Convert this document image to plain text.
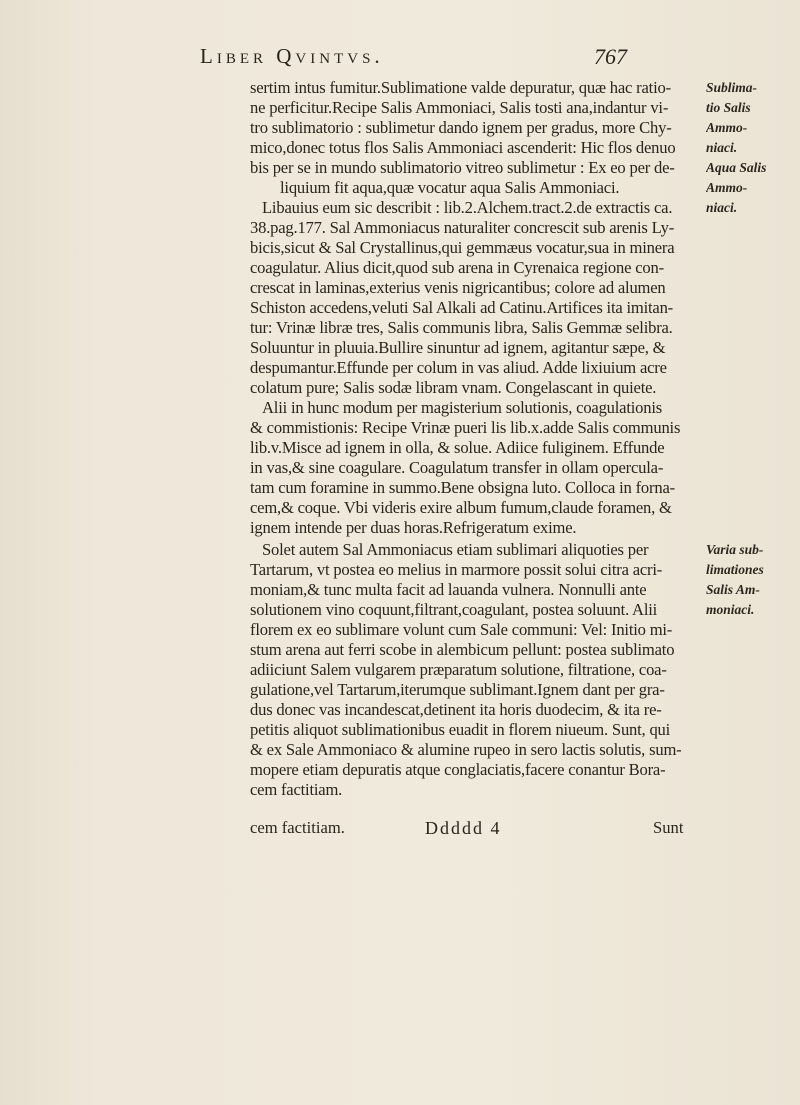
Liber Qvintvs.	767
sertim intus fumitur.Sublimatione valde depuratur, quæ hac ratio-
ne perficitur.Recipe Salis Ammoniaci, Salis tosti ana,indantur vi-
tro sublimatorio : sublimetur dando ignem per gradus, more Chy-
mico,donec totus flos Salis Ammoniaci ascenderit: Hic flos denuo
bis per se in mundo sublimatorio vitreo sublimetur : Ex eo per de-
liquium fit aqua,quæ vocatur aqua Salis Ammoniaci.
Libauius eum sic describit : lib.2.Alchem.tract.2.de extractis ca.
38.pag.177. Sal Ammoniacus naturaliter concrescit sub arenis Ly-
bicis,sicut & Sal Crystallinus,qui gemmæus vocatur,sua in minera
coagulatur. Alius dicit,quod sub arena in Cyrenaica regione con-
crescat in laminas,exterius venis nigricantibus; colore ad alumen
Schiston accedens,veluti Sal Alkali ad Catinu.Artifices ita imitan-
tur: Vrinæ libræ tres, Salis communis libra, Salis Gemmæ selibra.
Soluuntur in pluuia.Bullire sinuntur ad ignem, agitantur sæpe, &
despumantur.Effunde per colum in vas aliud. Adde lixiuium acre
colatum pure; Salis sodæ libram vnam. Congelascant in quiete.
Alii in hunc modum per magisterium solutionis, coagulationis
& commistionis: Recipe Vrinæ pueri lis lib.x.adde Salis communis
lib.v.Misce ad ignem in olla, & solue. Adiice fuliginem. Effunde
in vas,& sine coagulare. Coagulatum transfer in ollam opercula-
tam cum foramine in summo.Bene obsigna luto. Colloca in forna-
cem,& coque. Vbi videris exire album fumum,claude foramen, &
ignem intende per duas horas.Refrigeratum exime.
Solet autem Sal Ammoniacus etiam sublimari aliquoties per
Tartarum, vt postea eo melius in marmore possit solui citra acri-
moniam,& tunc multa facit ad lauanda vulnera. Nonnulli ante
solutionem vino coquunt,filtrant,coagulant, postea soluunt. Alii
florem ex eo sublimare volunt cum Sale communi: Vel: Initio mi-
stum arena aut ferri scobe in alembicum pellunt: postea sublimato
adiiciunt Salem vulgarem præparatum solutione, filtratione, coa-
gulatione,vel Tartarum,iterumque sublimant.Ignem dant per gra-
dus donec vas incandescat,detinent ita horis duodecim, & ita re-
petitis aliquot sublimationibus euadit in florem niueum. Sunt, qui
& ex Sale Ammoniaco & alumine rupeo in sero lactis solutis, sum-
mopere etiam depuratis atque conglaciatis,facere conantur Bora-
cem factitiam.
Sublima-
tio Salis
Ammo-
niaci.
Aqua Salis
Ammo-
niaci.
Varia sub-
limationes
Salis Am-
moniaci.
cem factitiam.	Ddddd 4	Sunt
